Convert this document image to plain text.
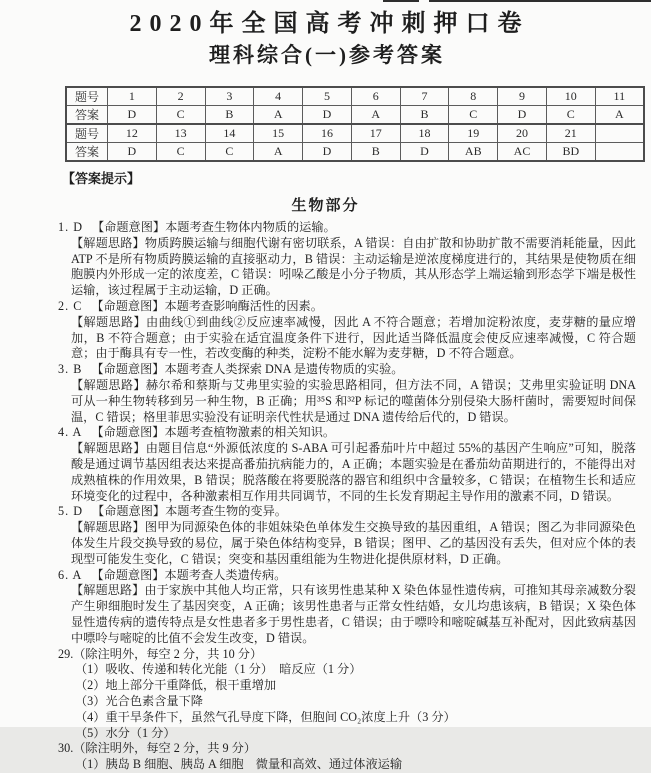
2020年全国高考冲刺押口卷
理科综合(一)参考答案
题号	1	2	3	4	5	6	7	8	9	10	11
答案	D	C	B	A	D	A	B	C	D	C	A
题号	12	13	14	15	16	17	18	19	20	21	
答案	D	C	C	A	D	B	D	AB	AC	BD	
【答案提示】
生物部分
1. D 【命题意图】本题考查生物体内物质的运输。
【解题思路】物质跨膜运输与细胞代谢有密切联系，A 错误：自由扩散和协助扩散不需要消耗能量，因此 ATP 不是所有物质跨膜运输的直接驱动力，B 错误：主动运输是逆浓度梯度进行的，其结果是使物质在细胞膜内外形成一定的浓度差，C 错误：吲哚乙酸是小分子物质，其从形态学上端运输到形态学下端是极性运输，该过程属于主动运输，D 正确。
2. C 【命题意图】本题考查影响酶活性的因素。
【解题思路】由曲线①到曲线②反应速率减慢，因此 A 不符合题意；若增加淀粉浓度，麦芽糖的量应增加，B 不符合题意；由于实验在适宜温度条件下进行，因此适当降低温度会使反应速率减慢，C 符合题意；由于酶具有专一性，若改变酶的种类，淀粉不能水解为麦芽糖，D 不符合题意。
3. B 【命题意图】本题考查人类探索 DNA 是遗传物质的实验。
【解题思路】赫尔希和蔡斯与艾弗里实验的实验思路相同，但方法不同，A 错误；艾弗里实验证明 DNA 可从一种生物转移到另一种生物，B 正确；用³⁵S 和³²P 标记的噬菌体分别侵染大肠杆菌时，需要短时间保温，C 错误；格里菲思实验没有证明亲代性状是通过 DNA 遗传给后代的，D 错误。
4. A 【命题意图】本题考查植物激素的相关知识。
【解题思路】由题目信息“外源低浓度的 S-ABA 可引起番茄叶片中超过 55%的基因产生响应”可知，脱落酸是通过调节基因组表达来提高番茄抗病能力的，A 正确；本题实验是在番茄幼苗期进行的，不能得出对成熟植株的作用效果，B 错误；脱落酸在将要脱落的器官和组织中含量较多，C 错误；在植物生长和适应环境变化的过程中，各种激素相互作用共同调节，不同的生长发育期起主导作用的激素不同，D 错误。
5. D 【命题意图】本题考查生物的变异。
【解题思路】图甲为同源染色体的非姐妹染色单体发生交换导致的基因重组，A 错误；图乙为非同源染色体发生片段交换导致的易位，属于染色体结构变异，B 错误；图甲、乙的基因没有丢失，但对应个体的表现型可能发生变化，C 错误；突变和基因重组能为生物进化提供原材料，D 正确。
6. A 【命题意图】本题考查人类遗传病。
【解题思路】由于家族中其他人均正常，只有该男性患某种 X 染色体显性遗传病，可推知其母亲减数分裂产生卵细胞时发生了基因突变，A 正确；该男性患者与正常女性结婚，女儿均患该病，B 错误；X 染色体显性遗传病的遗传特点是女性患者多于男性患者，C 错误；由于嘌呤和嘧啶碱基互补配对，因此致病基因中嘌呤与嘧啶的比值不会发生改变，D 错误。
29.（除注明外，每空 2 分，共 10 分）
（1）吸收、传递和转化光能（1 分）　暗反应（1 分）
（2）地上部分干重降低，根干重增加
（3）光合色素含量下降
（4）重干旱条件下，虽然气孔导度下降，但胞间 CO₂浓度上升（3 分）
（5）水分（1 分）
30.（除注明外，每空 2 分，共 9 分）
（1）胰岛 B 细胞、胰岛 A 细胞　微量和高效、通过体液运输
